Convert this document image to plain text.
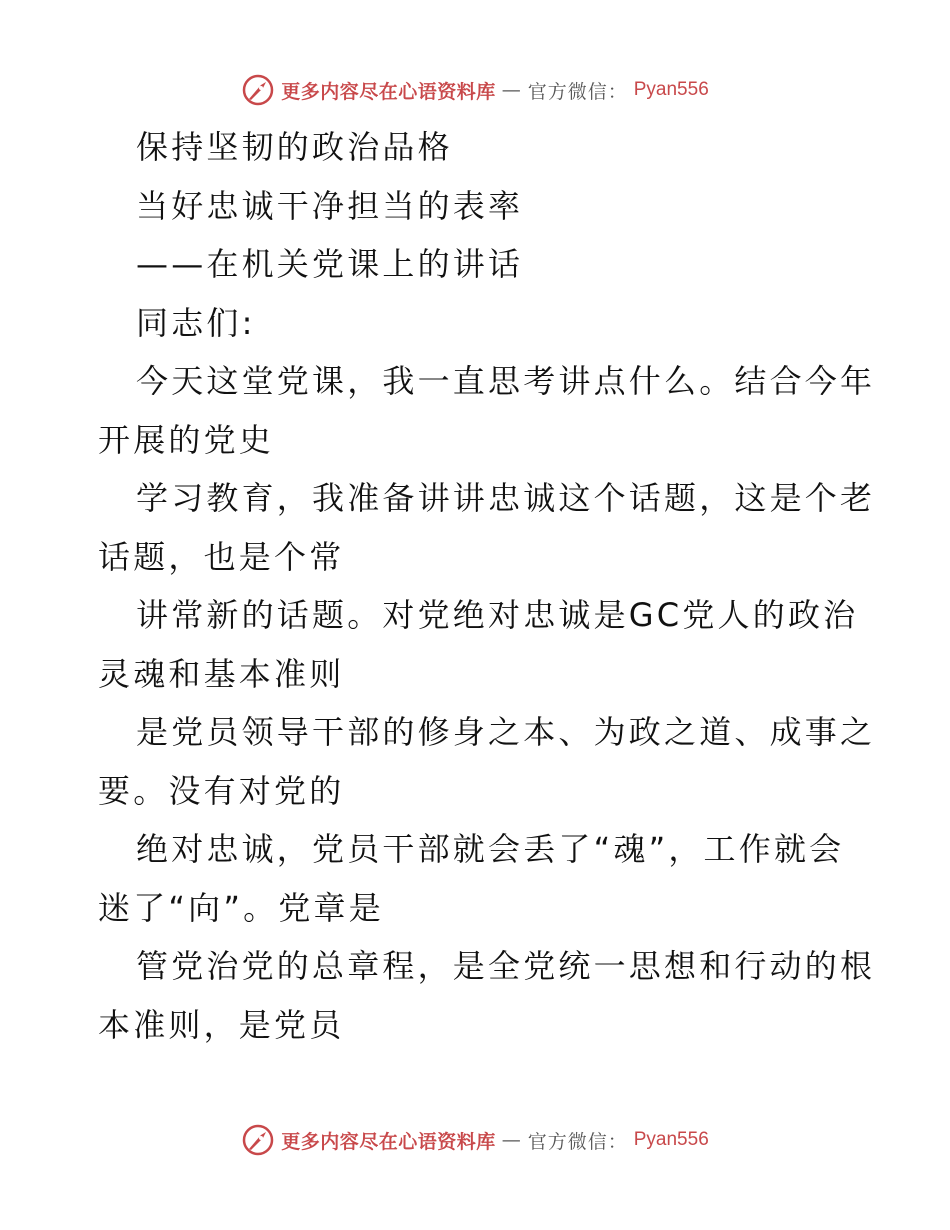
更多内容尽在心语资料库 — 官方微信： Pyan556

保持坚韧的政治品格

当好忠诚干净担当的表率

——在机关党课上的讲话

同志们:

今天这堂党课，我一直思考讲点什么。结合今年

开展的党史

学习教育，我准备讲讲忠诚这个话题，这是个老

话题，也是个常

讲常新的话题。对党绝对忠诚是GC党人的政治

灵魂和基本准则

是党员领导干部的修身之本、为政之道、成事之

要。没有对党的

绝对忠诚，党员干部就会丢了“魂”，工作就会

迷了“向”。党章是

管党治党的总章程，是全党统一思想和行动的根

本准则，是党员

更多内容尽在心语资料库 — 官方微信： Pyan556
